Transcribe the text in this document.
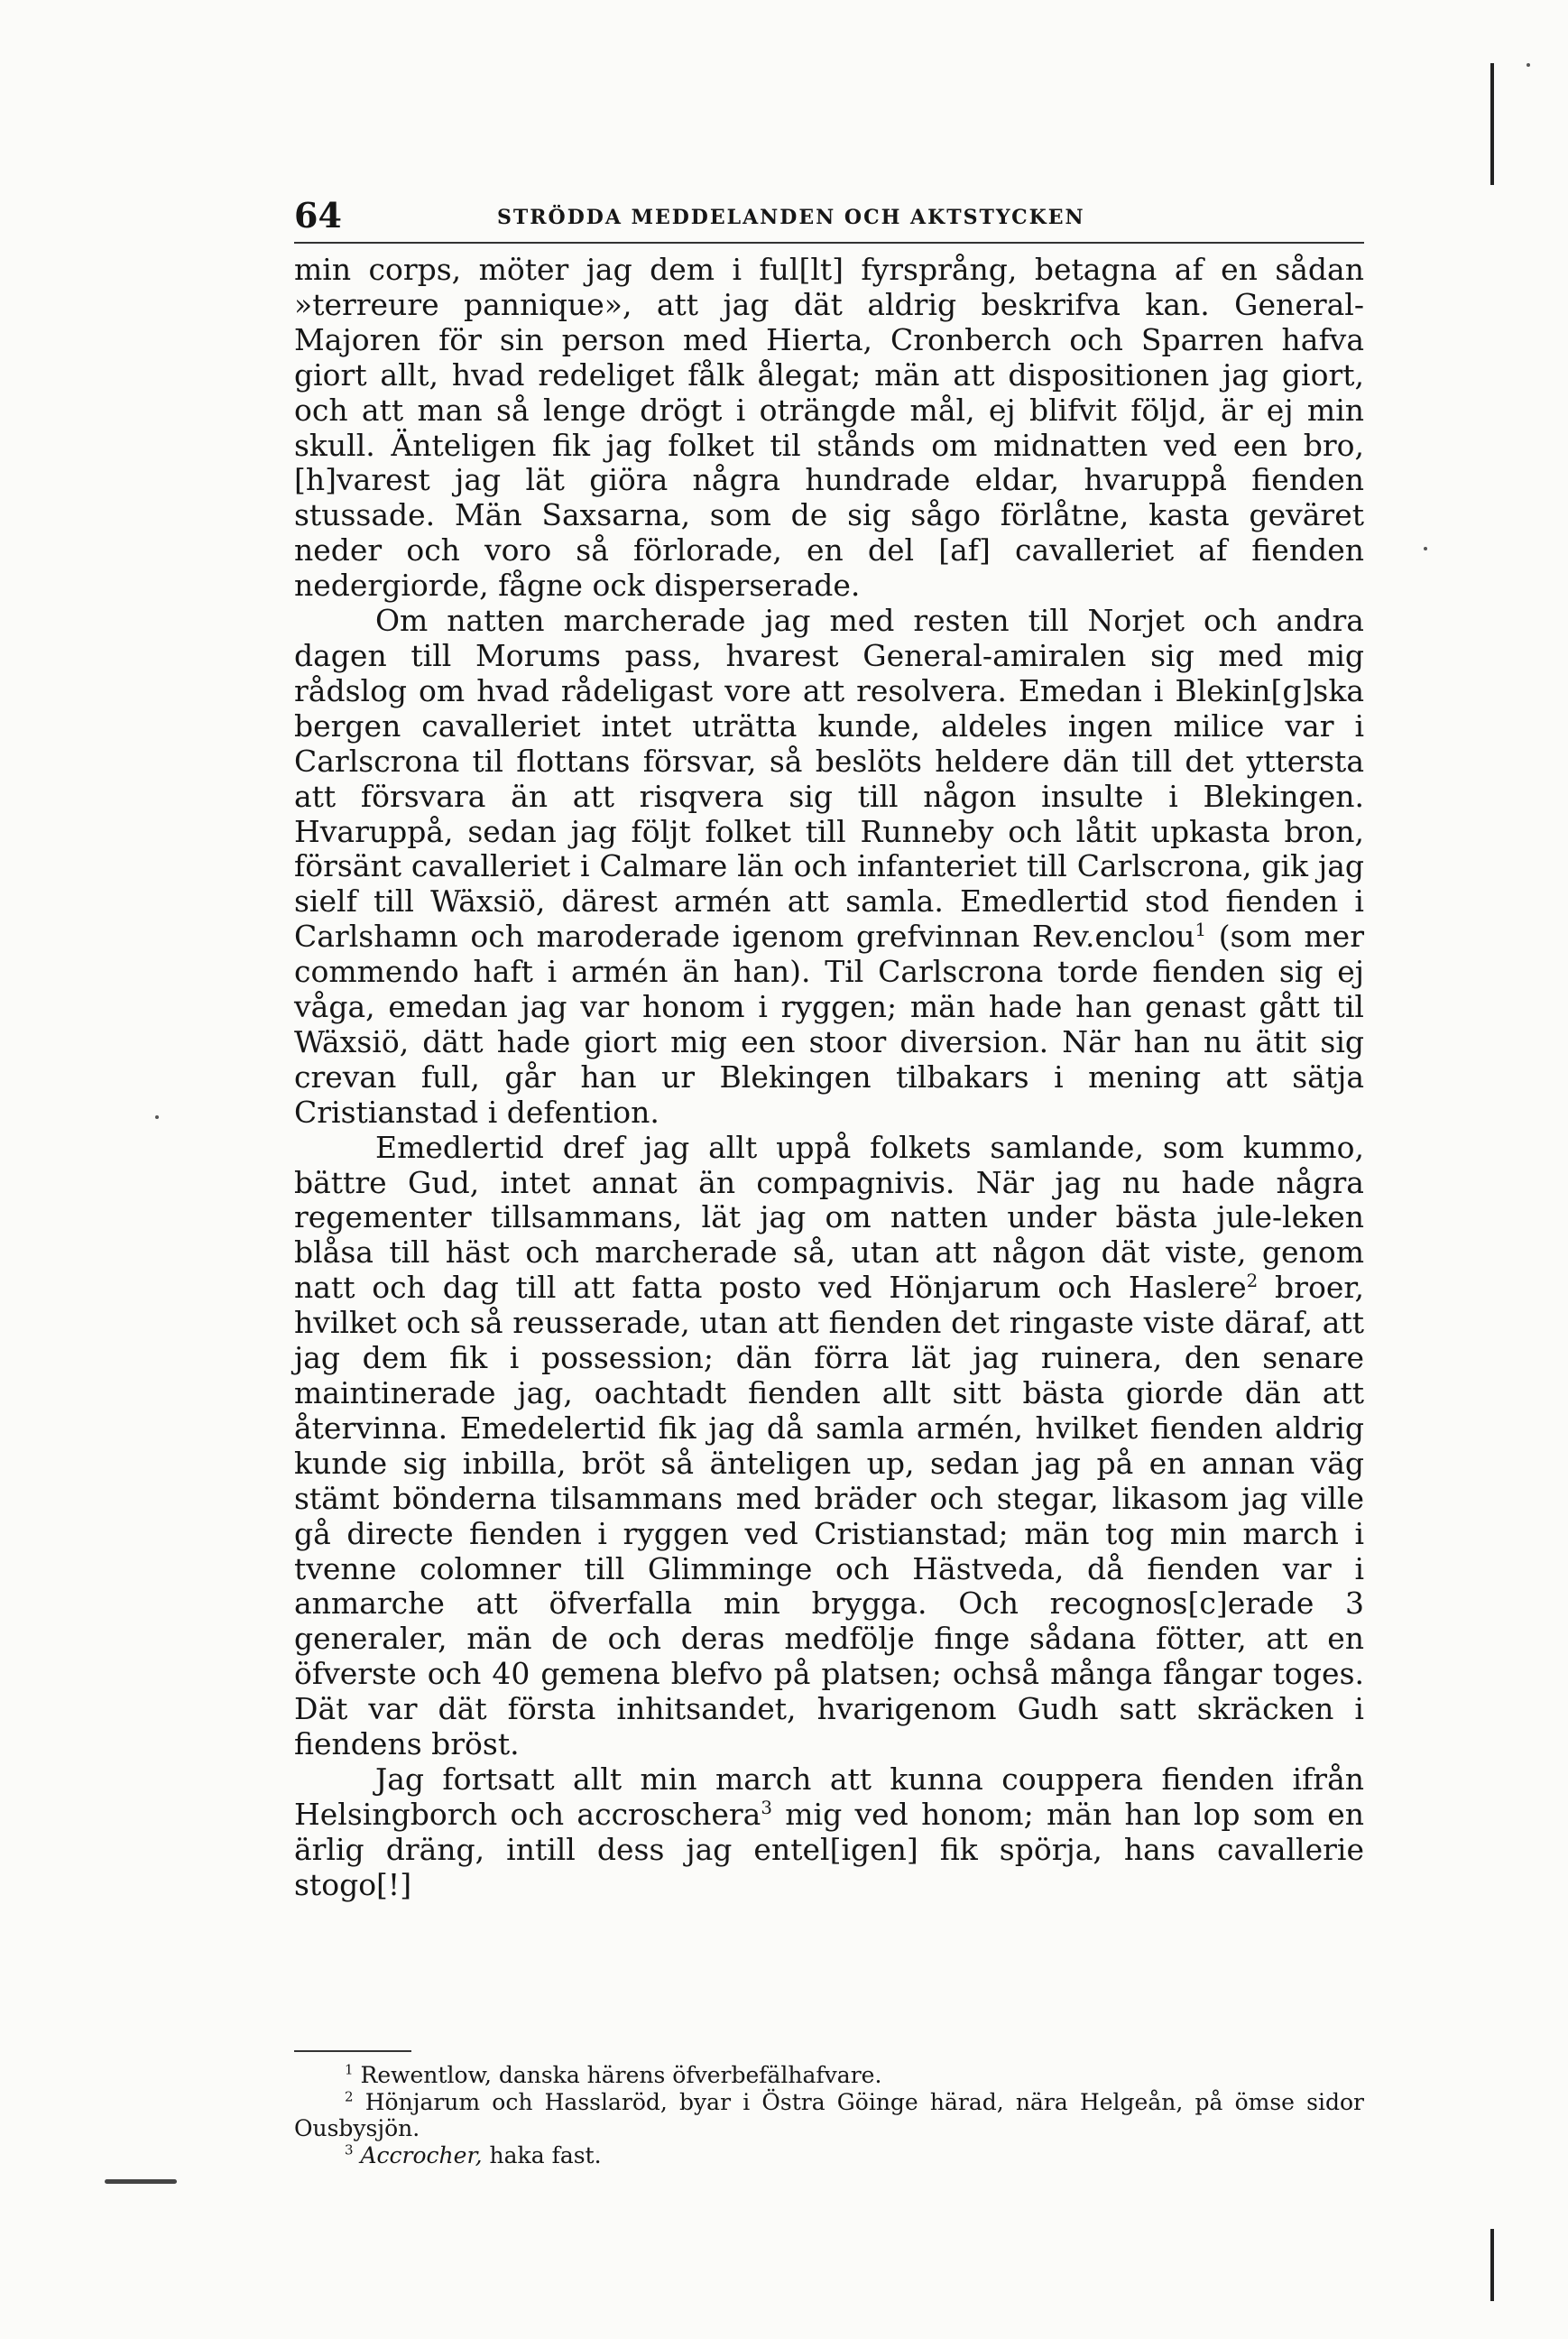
64	STRÖDDA MEDDELANDEN OCH AKTSTYCKEN

min corps, möter jag dem i ful[lt] fyrsprång, betagna af en sådan »terreure pannique», att jag dät aldrig beskrifva kan. General-Majoren för sin person med Hierta, Cronberch och Sparren hafva giort allt, hvad redeliget fålk ålegat; män att dispositionen jag giort, och att man så lenge drögt i oträngde mål, ej blifvit följd, är ej min skull. Änteligen fik jag folket til stånds om midnatten ved een bro, [h]varest jag lät giöra några hundrade eldar, hvaruppå fienden stussade. Män Saxsarna, som de sig sågo förlåtne, kasta geväret neder och voro så förlorade, en del [af] cavalleriet af fienden nedergiorde, fågne ock disperserade.

Om natten marcherade jag med resten till Norjet och andra dagen till Morums pass, hvarest General-amiralen sig med mig rådslog om hvad rådeligast vore att resolvera. Emedan i Blekin[g]ska bergen cavalleriet intet uträtta kunde, aldeles ingen milice var i Carlscrona til flottans försvar, så beslöts heldere dän till det yttersta att försvara än att risqvera sig till någon insulte i Blekingen. Hvaruppå, sedan jag följt folket till Runneby och låtit upkasta bron, försänt cavalleriet i Calmare län och infanteriet till Carlscrona, gik jag sielf till Wäxsiö, därest armén att samla. Emedlertid stod fienden i Carlshamn och maroderade igenom grefvinnan Rev.enclou$^1$ (som mer commendo haft i armén än han). Til Carlscrona torde fienden sig ej våga, emedan jag var honom i ryggen; män hade han genast gått til Wäxsiö, dätt hade giort mig een stoor diversion. När han nu ätit sig crevan full, går han ur Blekingen tilbakars i mening att sätja Cristianstad i defention.

Emedlertid dref jag allt uppå folkets samlande, som kummo, bättre Gud, intet annat än compagnivis. När jag nu hade några regementer tillsammans, lät jag om natten under bästa jule-leken blåsa till häst och marcherade så, utan att någon dät viste, genom natt och dag till att fatta posto ved Hönjarum och Haslere$^2$ broer, hvilket och så reusserade, utan att fienden det ringaste viste däraf, att jag dem fik i possession; dän förra lät jag ruinera, den senare maintinerade jag, oachtadt fienden allt sitt bästa giorde dän att återvinna. Emedelertid fik jag då samla armén, hvilket fienden aldrig kunde sig inbilla, bröt så änteligen up, sedan jag på en annan väg stämt bönderna tilsammans med bräder och stegar, likasom jag ville gå directe fienden i ryggen ved Cristianstad; män tog min march i tvenne colomner till Glimminge och Hästveda, då fienden var i anmarche att öfverfalla min brygga. Och recognos[c]erade 3 generaler, män de och deras medfölje finge sådana fötter, att en öfverste och 40 gemena blefvo på platsen; ochså många fångar toges. Dät var dät första inhitsandet, hvarigenom Gudh satt skräcken i fiendens bröst.

Jag fortsatt allt min march att kunna couppera fienden ifrån Helsingborch och accroschera$^3$ mig ved honom; män han lop som en ärlig dräng, intill dess jag entel[igen] fik spörja, hans cavallerie stogo[!]

$^1$ Rewentlow, danska härens öfverbefälhafvare.

$^2$ Hönjarum och Hasslaröd, byar i Östra Göinge härad, nära Helgeån, på ömse sidor Ousbysjön.

$^3$ Accrocher, haka fast.
